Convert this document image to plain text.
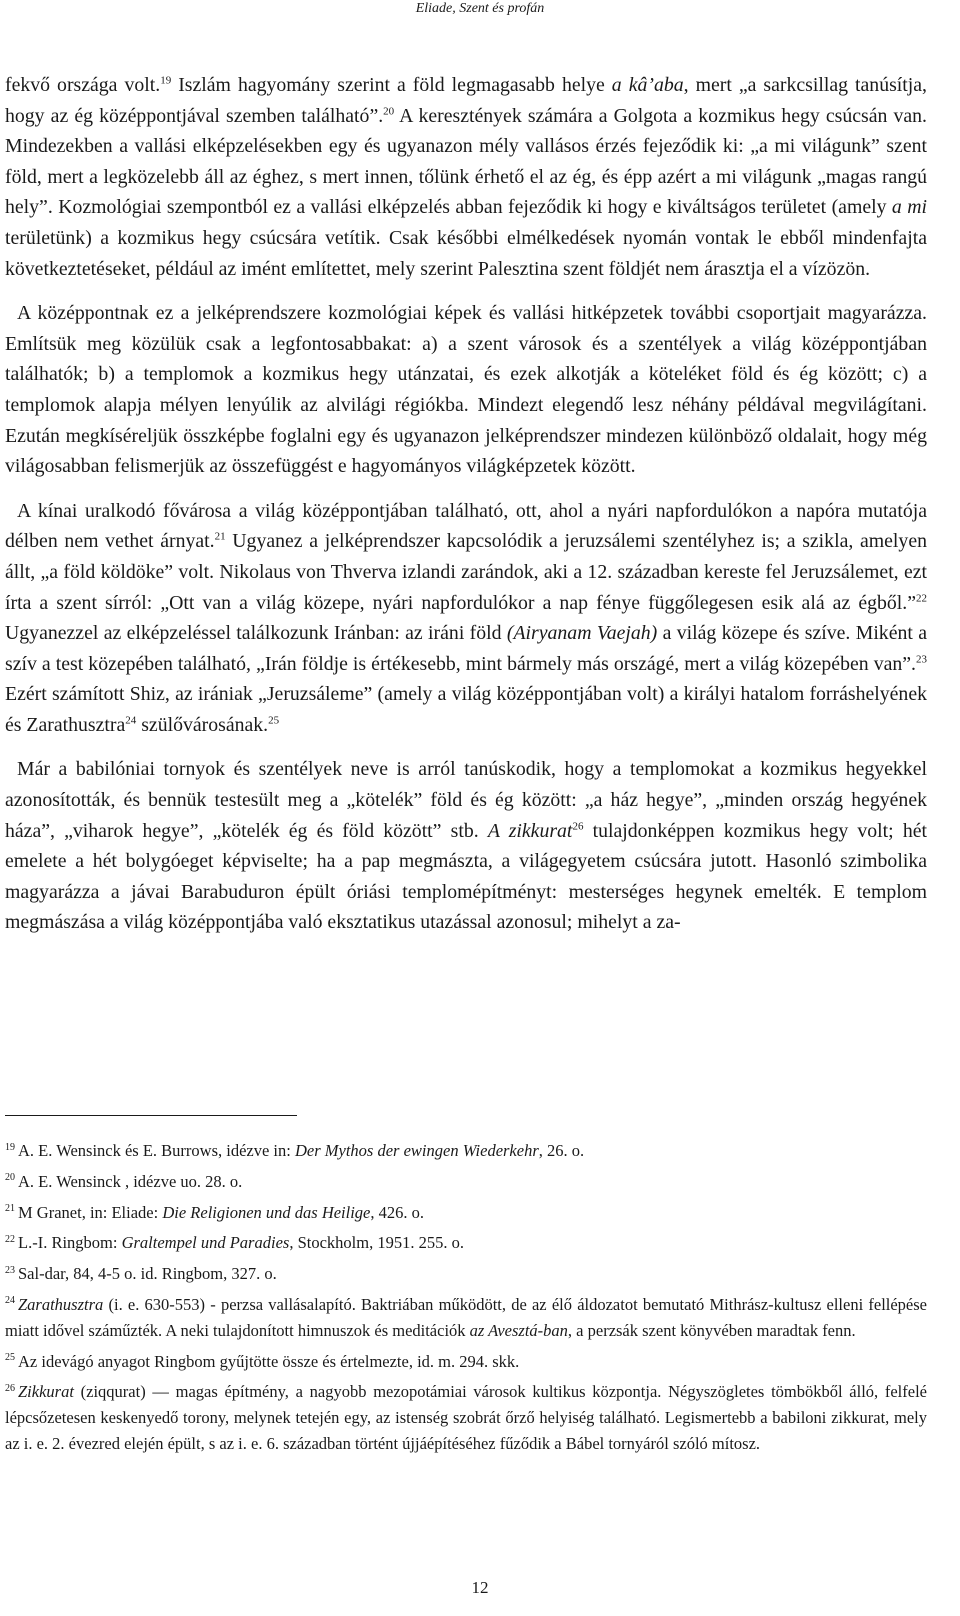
Eliade, Szent és profán

fekvő országa volt.$^{19}$ Iszlám hagyomány szerint a föld legmagasabb helye a kâ’aba, mert „a sarkcsillag tanúsítja, hogy az ég középpontjával szemben található”.$^{20}$ A keresztények számára a Golgota a kozmikus hegy csúcsán van. Mindezekben a vallási elképzelésekben egy és ugyanazon mély vallásos érzés fejeződik ki: „a mi világunk” szent föld, mert a legközelebb áll az éghez, s mert innen, tőlünk érhető el az ég, és épp azért a mi világunk „magas rangú hely”. Kozmológiai szempontból ez a vallási elképzelés abban fejeződik ki hogy e kiváltságos területet (amely a mi területünk) a kozmikus hegy csúcsára vetítik. Csak későbbi elmélkedések nyomán vontak le ebből mindenfajta következtetéseket, például az imént említettet, mely szerint Palesztina szent földjét nem árasztja el a vízözön.

A középpontnak ez a jelképrendszere kozmológiai képek és vallási hitképzetek további csoportjait magyarázza. Említsük meg közülük csak a legfontosabbakat: a) a szent városok és a szentélyek a világ középpontjában találhatók; b) a templomok a kozmikus hegy utánzatai, és ezek alkotják a köteléket föld és ég között; c) a templomok alapja mélyen lenyúlik az alvilági régiókba. Mindezt elegendő lesz néhány példával megvilágítani. Ezután megkíséreljük összképbe foglalni egy és ugyanazon jelképrendszer mindezen különböző oldalait, hogy még világosabban felismerjük az összefüggést e hagyományos világképzetek között.

A kínai uralkodó fővárosa a világ középpontjában található, ott, ahol a nyári napfordulókon a napóra mutatója délben nem vethet árnyat.$^{21}$ Ugyanez a jelképrendszer kapcsolódik a jeruzsálemi szentélyhez is; a szikla, amelyen állt, „a föld köldöke” volt. Nikolaus von Thverva izlandi zarándok, aki a 12. században kereste fel Jeruzsálemet, ezt írta a szent sírról: „Ott van a világ közepe, nyári napfordulókor a nap fénye függőlegesen esik alá az égből.”$^{22}$ Ugyanezzel az elképzeléssel találkozunk Iránban: az iráni föld (Airyanam Vaejah) a világ közepe és szíve. Miként a szív a test közepében található, „Irán földje is értékesebb, mint bármely más országé, mert a világ közepében van”.$^{23}$ Ezért számított Shiz, az irániak „Jeruzsáleme” (amely a világ középpontjában volt) a királyi hatalom forráshelyének és Zarathusztra$^{24}$ szülővárosának.$^{25}$

Már a babilóniai tornyok és szentélyek neve is arról tanúskodik, hogy a templomokat a kozmikus hegyekkel azonosították, és bennük testesült meg a „kötelék” föld és ég között: „a ház hegye”, „minden ország hegyének háza”, „viharok hegye”, „kötelék ég és föld között” stb. A zikkurat$^{26}$ tulajdonképpen kozmikus hegy volt; hét emelete a hét bolygóeget képviselte; ha a pap megmászta, a világegyetem csúcsára jutott. Hasonló szimbolika magyarázza a jávai Barabuduron épült óriási templomépítményt: mesterséges hegynek emelték. E templom megmászása a világ középpontjába való eksztatikus utazással azonosul; mihelyt a za-

$^{19}$ A. E. Wensinck és E. Burrows, idézve in: Der Mythos der ewingen Wiederkehr, 26. o.
$^{20}$ A. E. Wensinck , idézve uo. 28. o.
$^{21}$ M Granet, in: Eliade: Die Religionen und das Heilige, 426. o.
$^{22}$ L.-I. Ringbom: Graltempel und Paradies, Stockholm, 1951. 255. o.
$^{23}$ Sal-dar, 84, 4-5 o. id. Ringbom, 327. o.
$^{24}$ Zarathusztra (i. e. 630-553) - perzsa vallásalapító. Baktriában működött, de az élő áldozatot bemutató Mithrász-kultusz elleni fellépése miatt idővel száműzték. A neki tulajdonított himnuszok és meditációk az Avesztá-ban, a perzsák szent könyvében maradtak fenn.
$^{25}$ Az idevágó anyagot Ringbom gyűjtötte össze és értelmezte, id. m. 294. skk.
$^{26}$ Zikkurat (ziqqurat) — magas építmény, a nagyobb mezopotámiai városok kultikus központja. Négyszögletes tömbökből álló, felfelé lépcsőzetesen keskenyedő torony, melynek tetején egy, az istenség szobrát őrző helyiség található. Legismertebb a babiloni zikkurat, mely az i. e. 2. évezred elején épült, s az i. e. 6. században történt újjáépítéséhez fűződik a Bábel tornyáról szóló mítosz.
12
